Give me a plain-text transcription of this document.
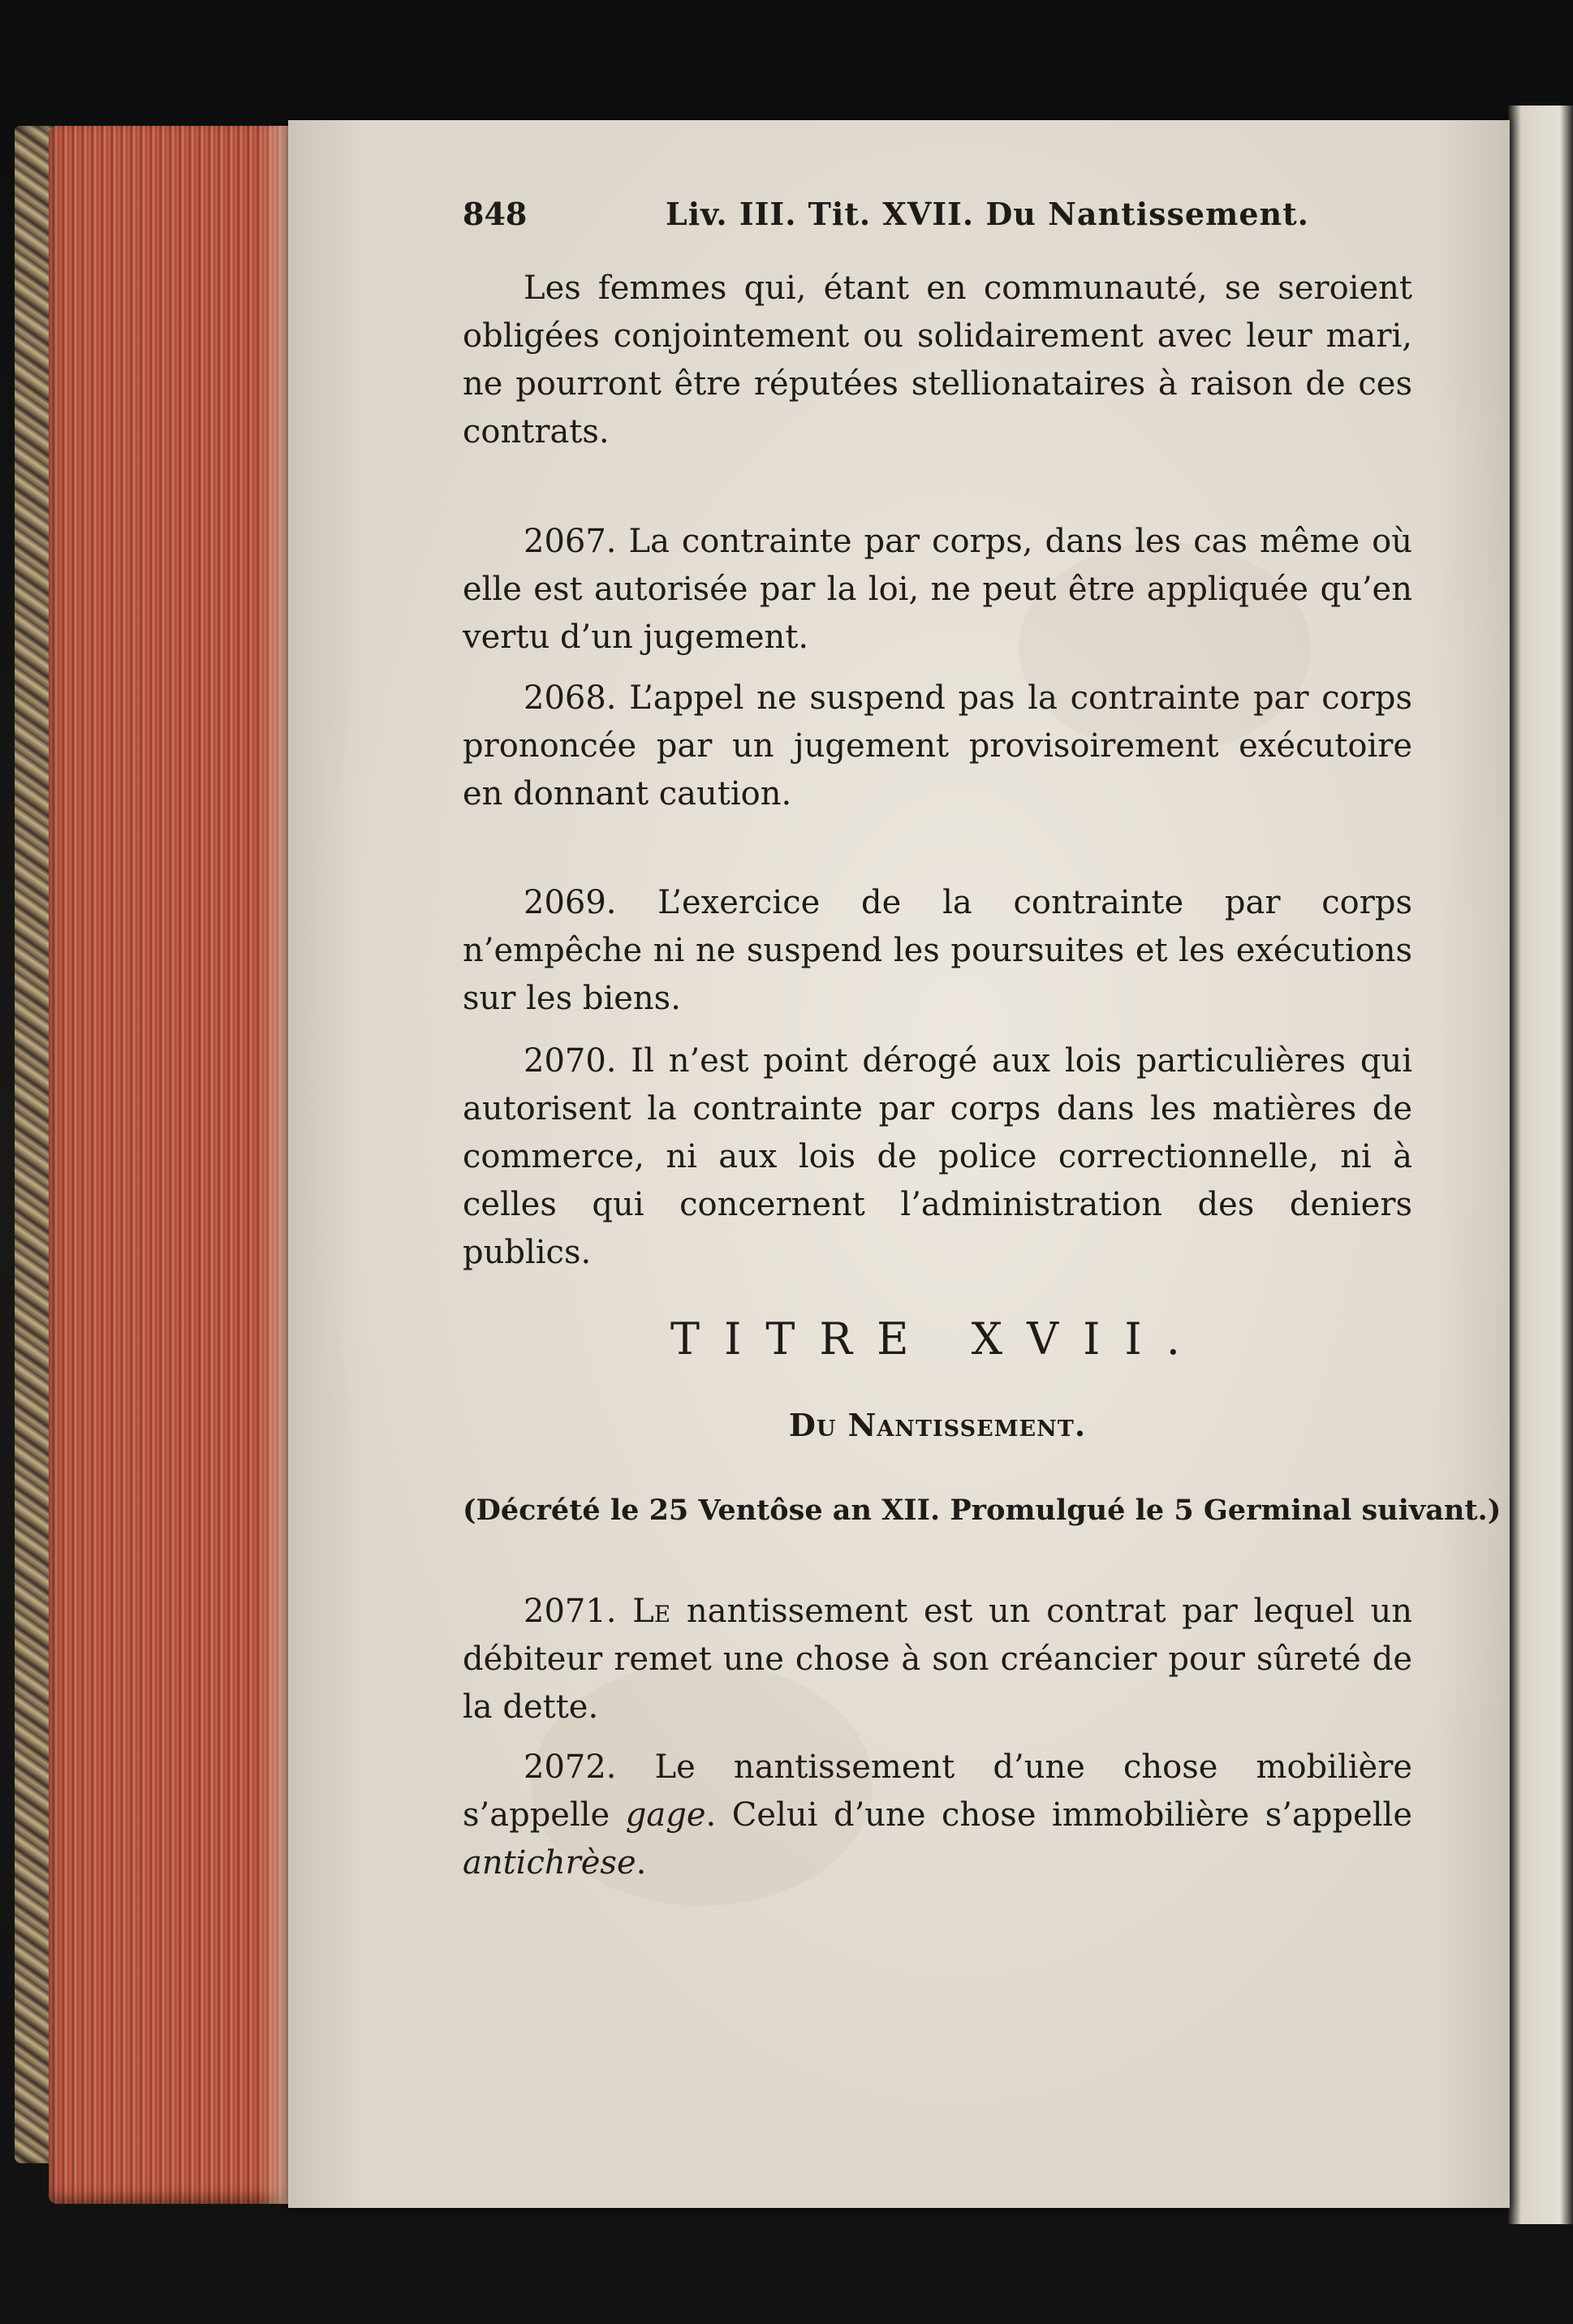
848	Liv. III. Tit. XVII. Du Nantissement.

Les femmes qui, étant en communauté, se seroient obligées conjointement ou solidairement avec leur mari, ne pourront être réputées stellionataires à raison de ces contrats.

2067. La contrainte par corps, dans les cas même où elle est autorisée par la loi, ne peut être appliquée qu’en vertu d’un jugement.

2068. L’appel ne suspend pas la contrainte par corps prononcée par un jugement provisoirement exécutoire en donnant caution.

2069. L’exercice de la contrainte par corps n’empêche ni ne suspend les poursuites et les exécutions sur les biens.

2070. Il n’est point dérogé aux lois particulières qui autorisent la contrainte par corps dans les matières de commerce, ni aux lois de police correctionnelle, ni à celles qui concernent l’administration des deniers publics.

TITRE XVII.
Du Nantissement.
(Décrété le 25 Ventôse an XII. Promulgué le 5 Germinal suivant.)

2071. Le nantissement est un contrat par lequel un débiteur remet une chose à son créancier pour sûreté de la dette.

2072. Le nantissement d’une chose mobilière s’appelle gage. Celui d’une chose immobilière s’appelle antichrèse.
